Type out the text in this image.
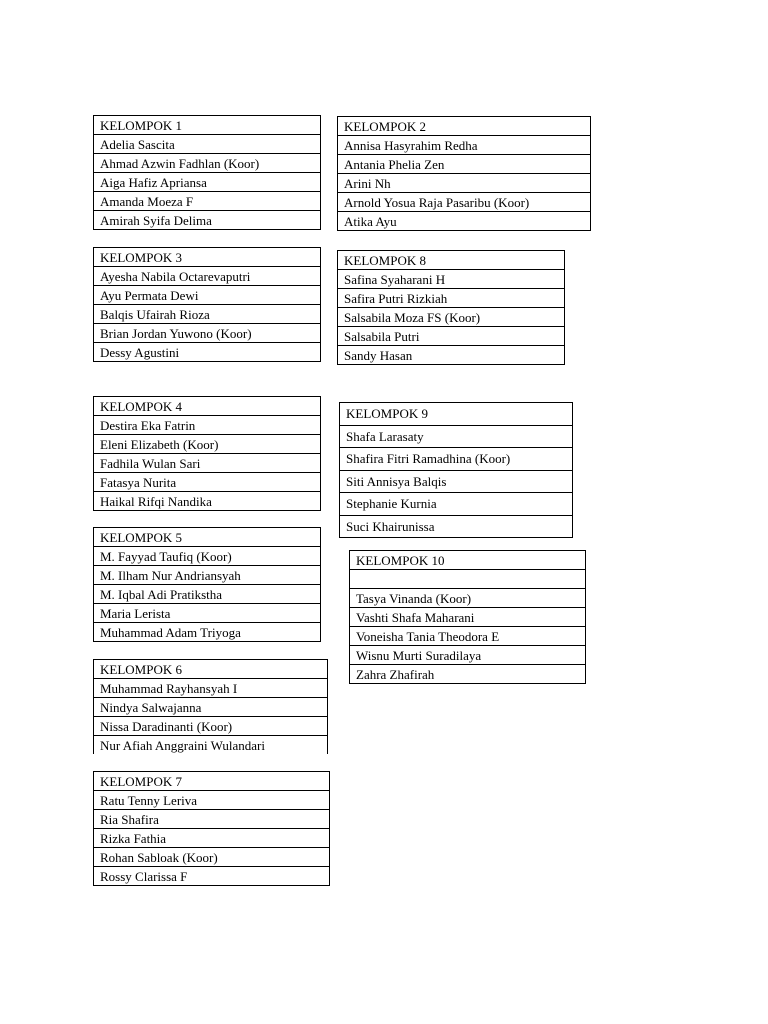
KELOMPOK 1
Adelia Sascita
Ahmad Azwin Fadhlan (Koor)
Aiga Hafiz Apriansa
Amanda Moeza F
Amirah Syifa Delima
KELOMPOK 2
Annisa Hasyrahim Redha
Antania Phelia Zen
Arini Nh
Arnold Yosua Raja Pasaribu (Koor)
Atika Ayu
KELOMPOK 3
Ayesha Nabila Octarevaputri
Ayu Permata Dewi
Balqis Ufairah Rioza
Brian Jordan Yuwono (Koor)
Dessy Agustini
KELOMPOK 8
Safina Syaharani H
Safira Putri Rizkiah
Salsabila Moza FS (Koor)
Salsabila Putri
Sandy Hasan
KELOMPOK 4
Destira Eka Fatrin
Eleni Elizabeth (Koor)
Fadhila Wulan Sari
Fatasya Nurita
Haikal Rifqi Nandika
KELOMPOK 9
Shafa Larasaty
Shafira Fitri Ramadhina (Koor)
Siti Annisya Balqis
Stephanie Kurnia
Suci Khairunissa
KELOMPOK 5
M. Fayyad Taufiq (Koor)
M. Ilham Nur Andriansyah
M. Iqbal Adi Pratikstha
Maria Lerista
Muhammad Adam Triyoga
KELOMPOK 10

Tasya Vinanda (Koor)
Vashti Shafa Maharani
Voneisha Tania Theodora E
Wisnu Murti Suradilaya
Zahra Zhafirah
KELOMPOK 6
Muhammad Rayhansyah I
Nindya Salwajanna
Nissa Daradinanti (Koor)
Nur Afiah Anggraini Wulandari
KELOMPOK 7
Ratu Tenny Leriva
Ria Shafira
Rizka Fathia
Rohan Sabloak (Koor)
Rossy Clarissa F
